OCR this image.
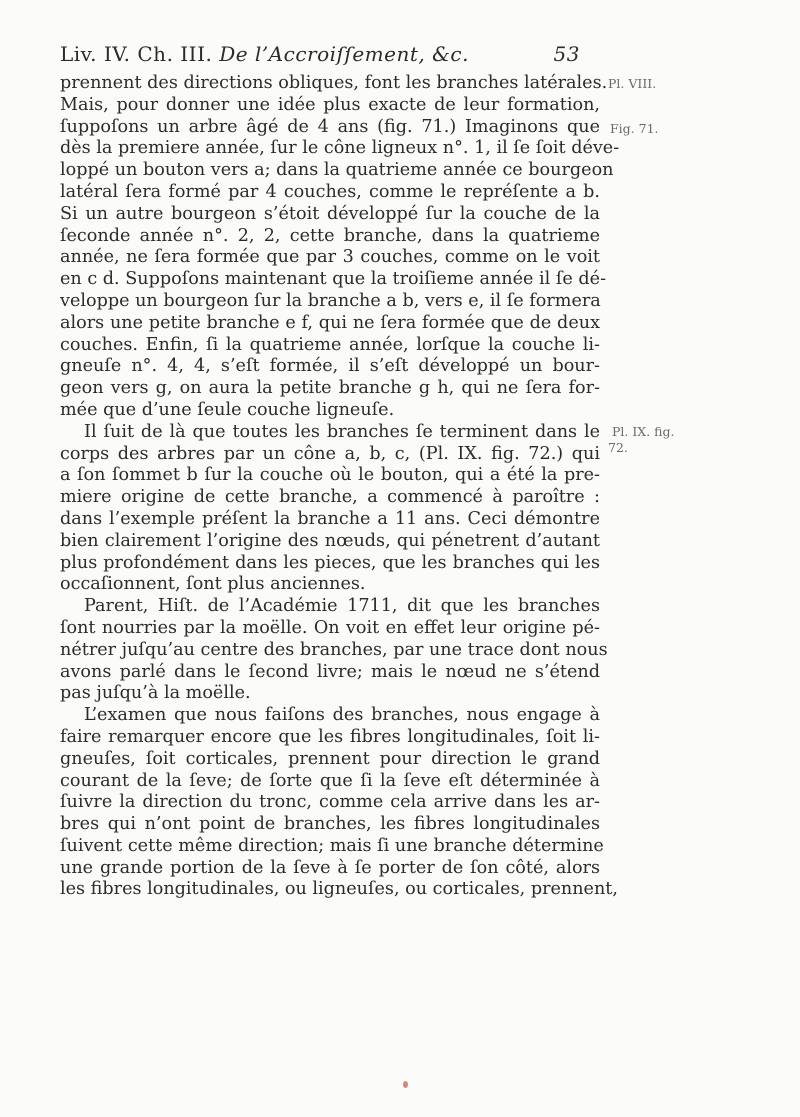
Liv. IV. Ch. III. De l’Accroiſſement, &c.	53
Pl. VIII.
Fig. 71.
Pl. IX. fig.
72.
prennent des directions obliques, font les branches latérales.
Mais, pour donner une idée plus exacte de leur formation,
ſuppoſons un arbre âgé de 4 ans (fig. 71.) Imaginons que
dès la premiere année, ſur le cône ligneux n°. 1, il ſe ſoit déve-
loppé un bouton vers a; dans la quatrieme année ce bourgeon
latéral ſera formé par 4 couches, comme le repréſente a b.
Si un autre bourgeon s’étoit développé ſur la couche de la
ſeconde année n°. 2, 2, cette branche, dans la quatrieme
année, ne ſera formée que par 3 couches, comme on le voit
en c d. Suppoſons maintenant que la troiſieme année il ſe dé-
veloppe un bourgeon ſur la branche a b, vers e, il ſe formera
alors une petite branche e f, qui ne ſera formée que de deux
couches. Enfin, ſi la quatrieme année, lorſque la couche li-
gneuſe n°. 4, 4, s’eſt formée, il s’eſt développé un bour-
geon vers g, on aura la petite branche g h, qui ne ſera for-
mée que d’une ſeule couche ligneuſe.
Il ſuit de là que toutes les branches ſe terminent dans le
corps des arbres par un cône a, b, c, (Pl. IX. fig. 72.) qui
a ſon ſommet b ſur la couche où le bouton, qui a été la pre-
miere origine de cette branche, a commencé à paroître :
dans l’exemple préſent la branche a 11 ans. Ceci démontre
bien clairement l’origine des nœuds, qui pénetrent d’autant
plus profondément dans les pieces, que les branches qui les
occaſionnent, ſont plus anciennes.
Parent, Hiſt. de l’Académie 1711, dit que les branches
ſont nourries par la moëlle. On voit en effet leur origine pé-
nétrer juſqu’au centre des branches, par une trace dont nous
avons parlé dans le ſecond livre; mais le nœud ne s’étend
pas juſqu’à la moëlle.
L’examen que nous faiſons des branches, nous engage à
faire remarquer encore que les fibres longitudinales, ſoit li-
gneuſes, ſoit corticales, prennent pour direction le grand
courant de la ſeve; de ſorte que ſi la ſeve eſt déterminée à
ſuivre la direction du tronc, comme cela arrive dans les ar-
bres qui n’ont point de branches, les fibres longitudinales
ſuivent cette même direction; mais ſi une branche détermine
une grande portion de la ſeve à ſe porter de ſon côté, alors
les fibres longitudinales, ou ligneuſes, ou corticales, prennent,
